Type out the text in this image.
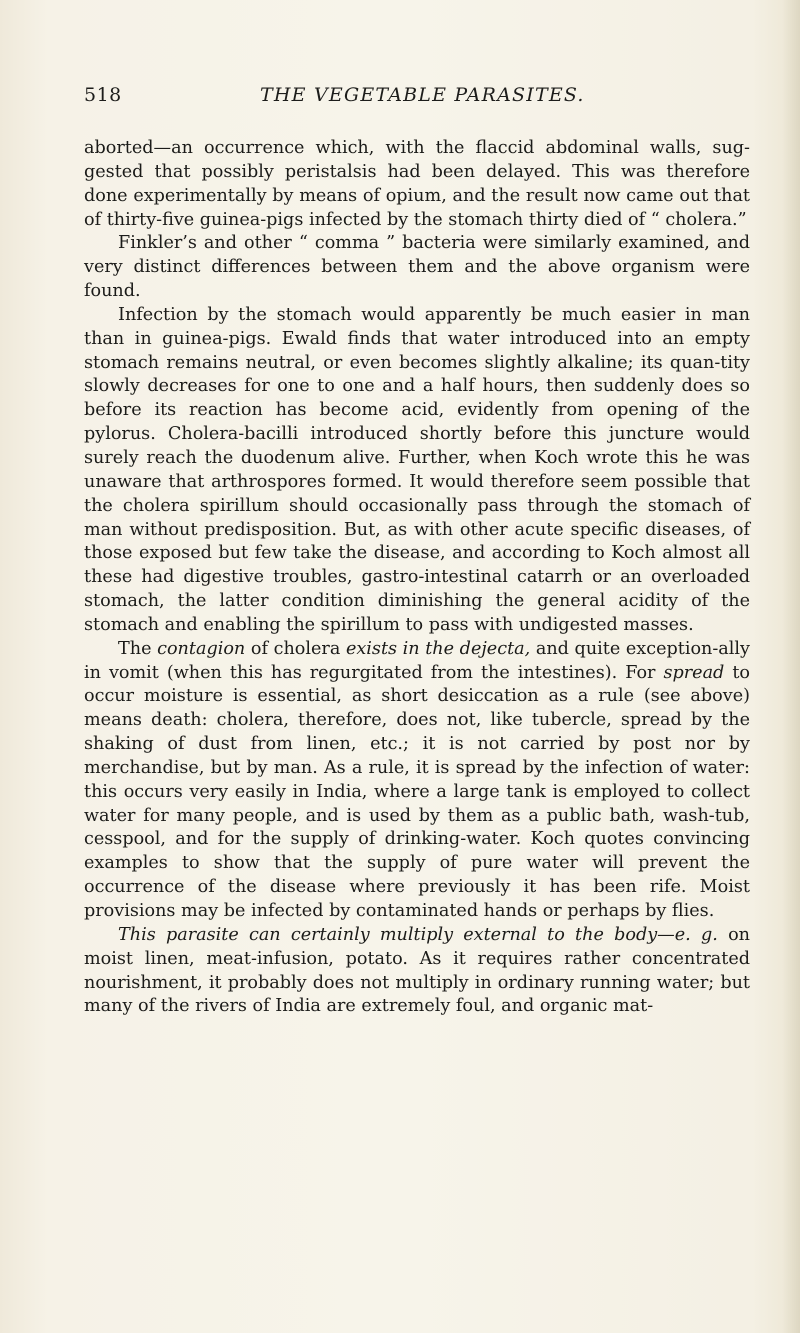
518	THE VEGETABLE PARASITES.

aborted—an occurrence which, with the flaccid abdominal walls, sug-gested that possibly peristalsis had been delayed. This was therefore done experimentally by means of opium, and the result now came out that of thirty-five guinea-pigs infected by the stomach thirty died of “ cholera.”

Finkler’s and other “ comma ” bacteria were similarly examined, and very distinct differences between them and the above organism were found.

Infection by the stomach would apparently be much easier in man than in guinea-pigs. Ewald finds that water introduced into an empty stomach remains neutral, or even becomes slightly alkaline; its quan-tity slowly decreases for one to one and a half hours, then suddenly does so before its reaction has become acid, evidently from opening of the pylorus. Cholera-bacilli introduced shortly before this juncture would surely reach the duodenum alive. Further, when Koch wrote this he was unaware that arthrospores formed. It would therefore seem possible that the cholera spirillum should occasionally pass through the stomach of man without predisposition. But, as with other acute specific diseases, of those exposed but few take the disease, and according to Koch almost all these had digestive troubles, gastro-intestinal catarrh or an overloaded stomach, the latter condition diminishing the general acidity of the stomach and enabling the spirillum to pass with undigested masses.

The contagion of cholera exists in the dejecta, and quite exception-ally in vomit (when this has regurgitated from the intestines). For spread to occur moisture is essential, as short desiccation as a rule (see above) means death: cholera, therefore, does not, like tubercle, spread by the shaking of dust from linen, etc.; it is not carried by post nor by merchandise, but by man. As a rule, it is spread by the infection of water: this occurs very easily in India, where a large tank is employed to collect water for many people, and is used by them as a public bath, wash-tub, cesspool, and for the supply of drinking-water. Koch quotes convincing examples to show that the supply of pure water will prevent the occurrence of the disease where previously it has been rife. Moist provisions may be infected by contaminated hands or perhaps by flies.

This parasite can certainly multiply external to the body—e. g. on moist linen, meat-infusion, potato. As it requires rather concentrated nourishment, it probably does not multiply in ordinary running water; but many of the rivers of India are extremely foul, and organic mat-
